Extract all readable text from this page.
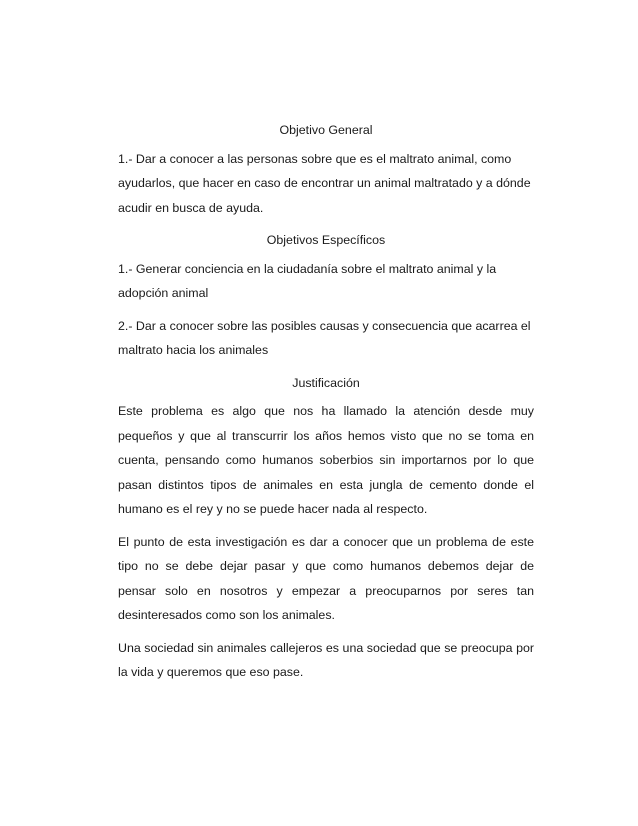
Objetivo General

1.- Dar a conocer a las personas sobre que es el maltrato animal, como ayudarlos, que hacer en caso de encontrar un animal maltratado y a dónde acudir en busca de ayuda.

Objetivos Específicos

1.- Generar conciencia en la ciudadanía sobre el maltrato animal y la adopción animal

2.- Dar a conocer sobre las posibles causas y consecuencia que acarrea el maltrato hacia los animales

Justificación

Este problema es algo que nos ha llamado la atención desde muy pequeños y que al transcurrir los años hemos visto que no se toma en cuenta, pensando como humanos soberbios sin importarnos por lo que pasan distintos tipos de animales en esta jungla de cemento donde el humano es el rey y no se puede hacer nada al respecto.

El punto de esta investigación es dar a conocer que un problema de este tipo no se debe dejar pasar y que como humanos debemos dejar de pensar solo en nosotros y empezar a preocuparnos por seres tan desinteresados como son los animales.

Una sociedad sin animales callejeros es una sociedad que se preocupa por la vida y queremos que eso pase.
